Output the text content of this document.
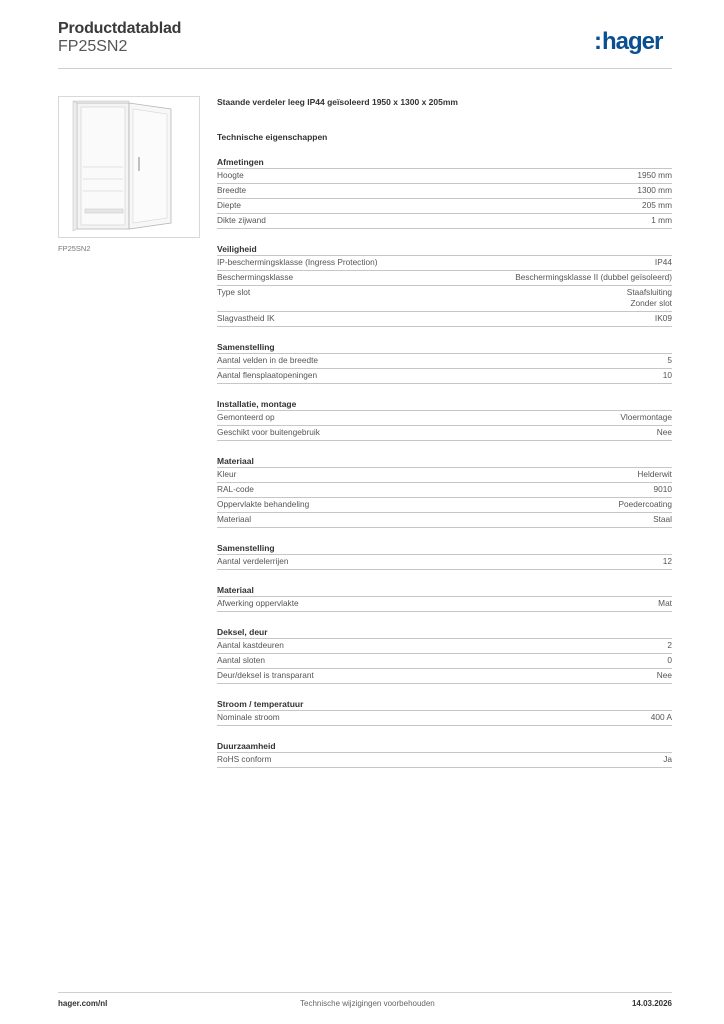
Productdatablad
FP25SN2	:hager
FP25SN2
Staande verdeler leeg IP44 geïsoleerd 1950 x 1300 x 205mm
Technische eigenschappen
Afmetingen
Hoogte	1950 mm
Breedte	1300 mm
Diepte	205 mm
Dikte zijwand	1 mm
Veiligheid
IP-beschermingsklasse (Ingress Protection)	IP44
Beschermingsklasse	Beschermingsklasse II (dubbel geïsoleerd)
Type slot	Staafsluiting
Zonder slot
Slagvastheid IK	IK09
Samenstelling
Aantal velden in de breedte	5
Aantal flensplaatopeningen	10
Installatie, montage
Gemonteerd op	Vloermontage
Geschikt voor buitengebruik	Nee
Materiaal
Kleur	Helderwit
RAL-code	9010
Oppervlakte behandeling	Poedercoating
Materiaal	Staal
Samenstelling
Aantal verdelerrijen	12
Materiaal
Afwerking oppervlakte	Mat
Deksel, deur
Aantal kastdeuren	2
Aantal sloten	0
Deur/deksel is transparant	Nee
Stroom / temperatuur
Nominale stroom	400 A
Duurzaamheid
RoHS conform	Ja
hager.com/nl	Technische wijzigingen voorbehouden	14.03.2026
